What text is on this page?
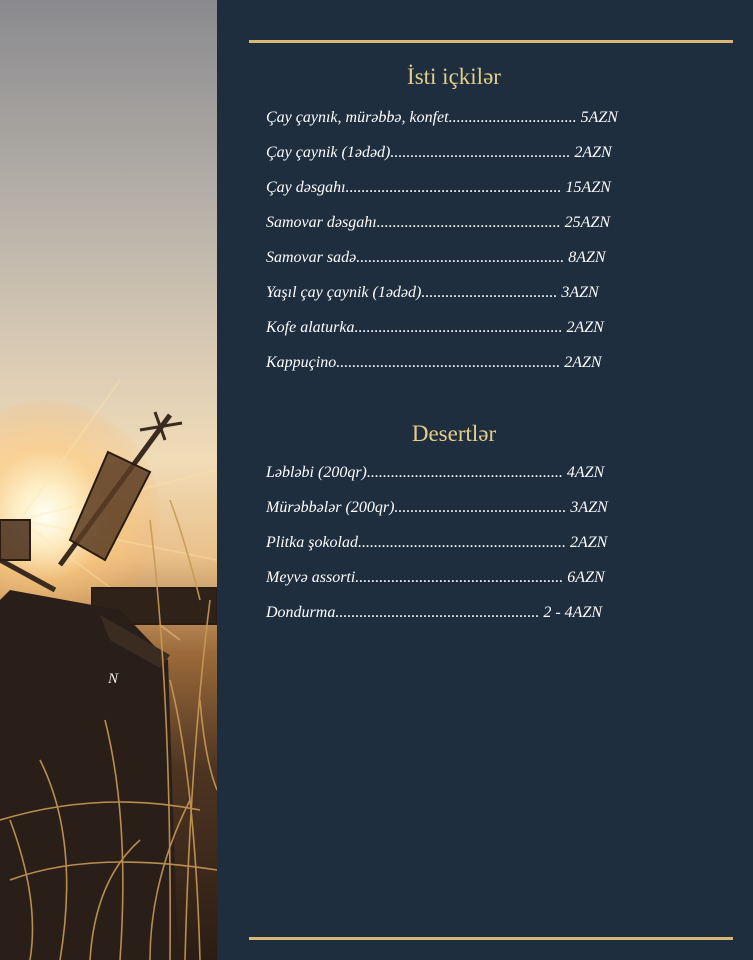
N
İsti içkilər
Çay çaynık, mürəbbə, konfet................................ 5AZN
Çay çaynik (1ədəd)............................................. 2AZN
Çay dəsgahı...................................................... 15AZN
Samovar dəsgahı.............................................. 25AZN
Samovar sadə.................................................... 8AZN
Yaşıl çay çaynik (1ədəd).................................. 3AZN
Kofe alaturka.................................................... 2AZN
Kappuçino........................................................ 2AZN
Desertlər
Ləbləbi (200qr)................................................. 4AZN
Mürəbbələr (200qr)........................................... 3AZN
Plitka şokolad.................................................... 2AZN
Meyvə assorti.................................................... 6AZN
Dondurma................................................... 2 - 4AZN
